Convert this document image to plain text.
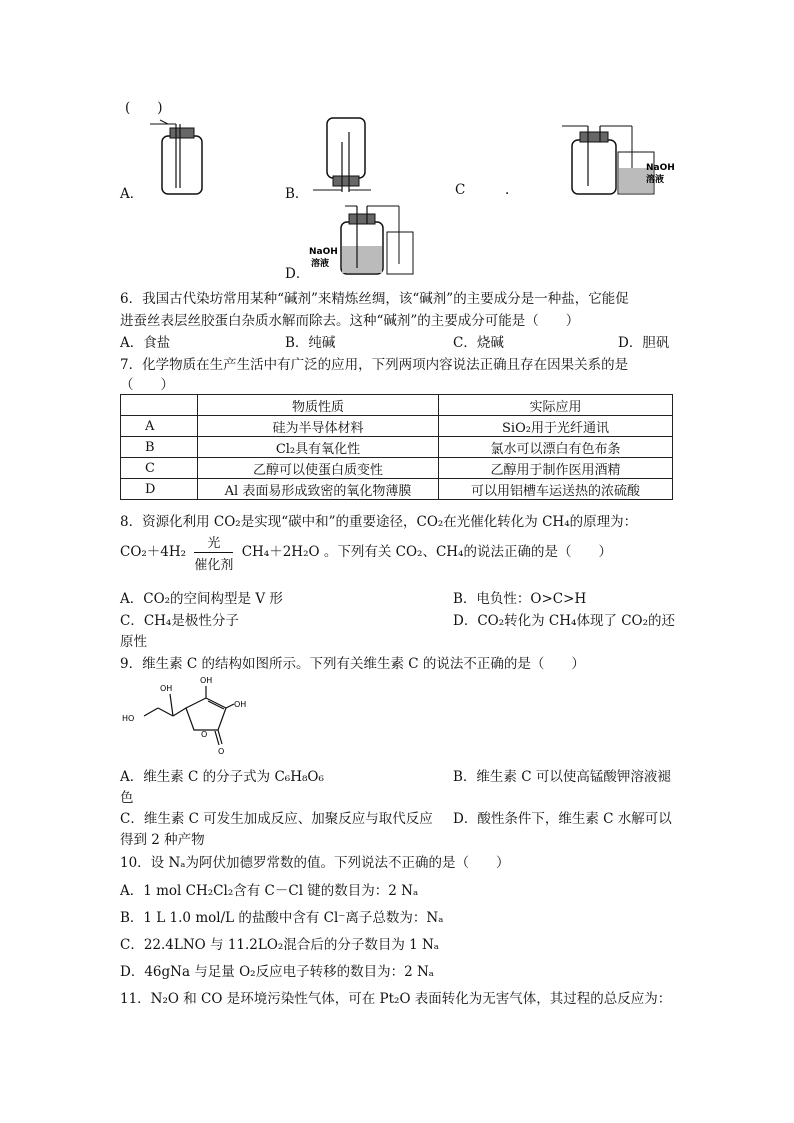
(　　)
A．	B．	C	.
NaOH
溶液
D．
NaOH
溶液
6．我国古代染坊常用某种“碱剂”来精炼丝绸，该“碱剂”的主要成分是一种盐，它能促
进蚕丝表层丝胶蛋白杂质水解而除去。这种“碱剂”的主要成分可能是（　　）
A．食盐	B．纯碱	C．烧碱	D．胆矾
7．化学物质在生产生活中有广泛的应用，下列两项内容说法正确且存在因果关系的是
（　　）
	物质性质	实际应用
A	硅为半导体材料	SiO₂用于光纤通讯
B	Cl₂具有氧化性	氯水可以漂白有色布条
C	乙醇可以使蛋白质变性	乙醇用于制作医用酒精
D	Al 表面易形成致密的氧化物薄膜	可以用铝槽车运送热的浓硫酸
8．资源化利用 CO₂是实现“碳中和”的重要途径，CO₂在光催化转化为 CH₄的原理为：
$CO_2+4H_2 \frac{\text{光}}{\text{催化剂}} CH_4+2H_2O$ 。下列有关 CO₂、CH₄的说法正确的是（　　）
A．CO₂的空间构型是 V 形	B．电负性：O>C>H
C．CH₄是极性分子	D．CO₂转化为 CH₄体现了 CO₂的还
原性
9．维生素 C 的结构如图所示。下列有关维生素 C 的说法不正确的是（　　）
OH
OH
OH
HO
O
O
A．维生素 C 的分子式为 C₆H₈O₆	B．维生素 C 可以使高锰酸钾溶液褪
色
C．维生素 C 可发生加成反应、加聚反应与取代反应 D．酸性条件下，维生素 C 水解可以
得到 2 种产物
10．设 Nₐ为阿伏加德罗常数的值。下列说法不正确的是（　　）
A．1 mol CH₂Cl₂含有 C－Cl 键的数目为：2 Nₐ
B．1 L 1.0 mol/L 的盐酸中含有 Cl⁻离子总数为：Nₐ
C．22.4LNO 与 11.2LO₂混合后的分子数目为 1 Nₐ
D．46gNa 与足量 O₂反应电子转移的数目为：2 Nₐ
11．N₂O 和 CO 是环境污染性气体，可在 Pt₂O 表面转化为无害气体，其过程的总反应为：
